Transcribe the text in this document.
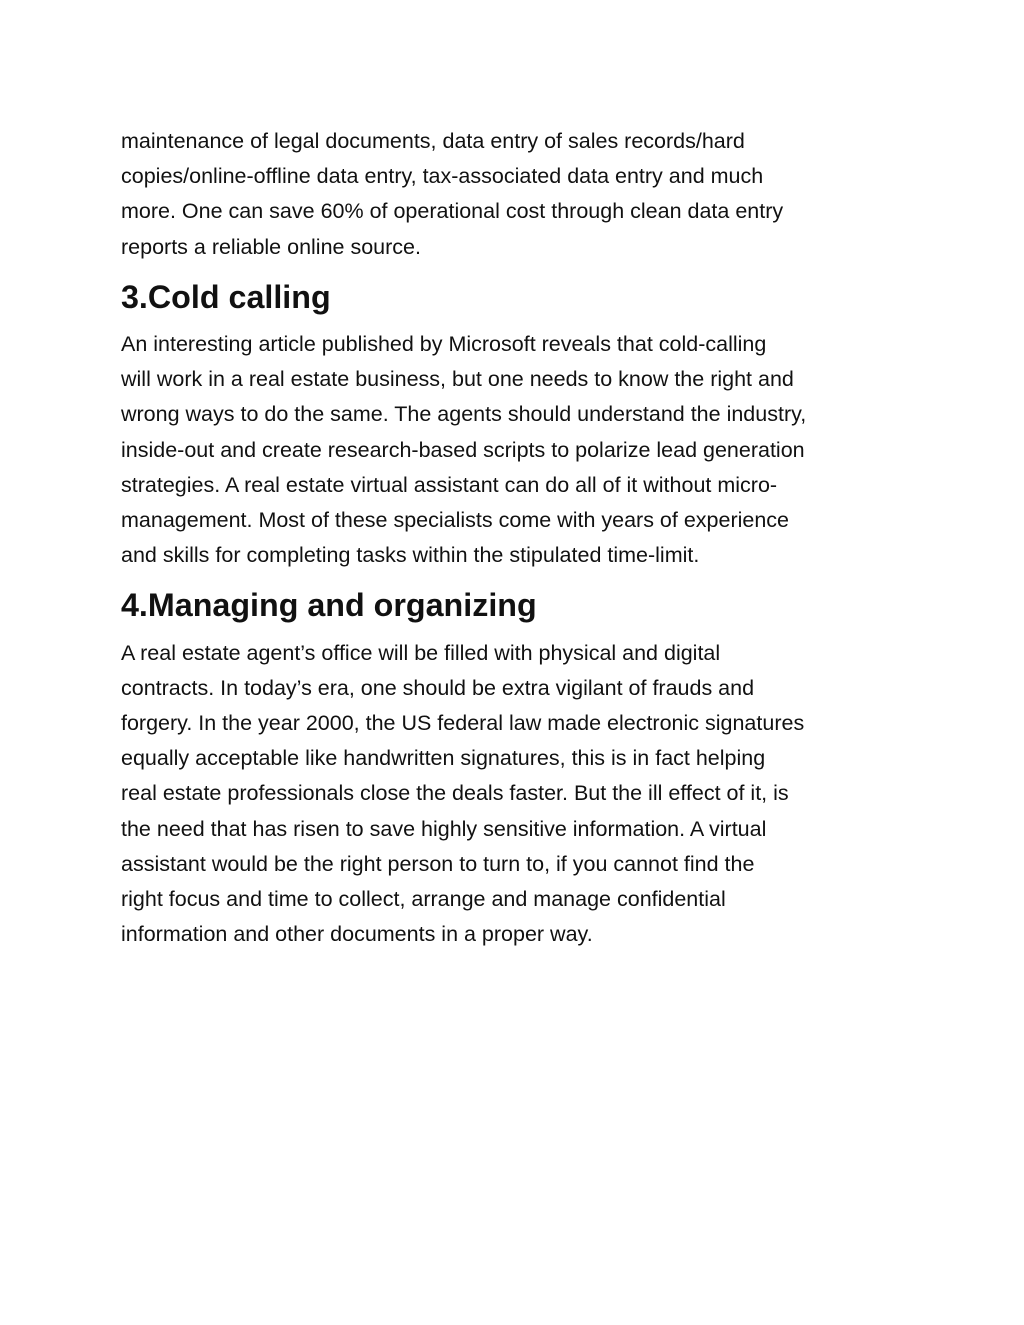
maintenance of legal documents, data entry of sales records/hard
copies/online-offline data entry, tax-associated data entry and much
more. One can save 60% of operational cost through clean data entry
reports a reliable online source.

3.Cold calling

An interesting article published by Microsoft reveals that cold-calling
will work in a real estate business, but one needs to know the right and
wrong ways to do the same. The agents should understand the industry,
inside-out and create research-based scripts to polarize lead generation
strategies. A real estate virtual assistant can do all of it without micro-
management. Most of these specialists come with years of experience
and skills for completing tasks within the stipulated time-limit.

4.Managing and organizing

A real estate agent’s office will be filled with physical and digital
contracts. In today’s era, one should be extra vigilant of frauds and
forgery. In the year 2000, the US federal law made electronic signatures
equally acceptable like handwritten signatures, this is in fact helping
real estate professionals close the deals faster. But the ill effect of it, is
the need that has risen to save highly sensitive information. A virtual
assistant would be the right person to turn to, if you cannot find the
right focus and time to collect, arrange and manage confidential
information and other documents in a proper way.
